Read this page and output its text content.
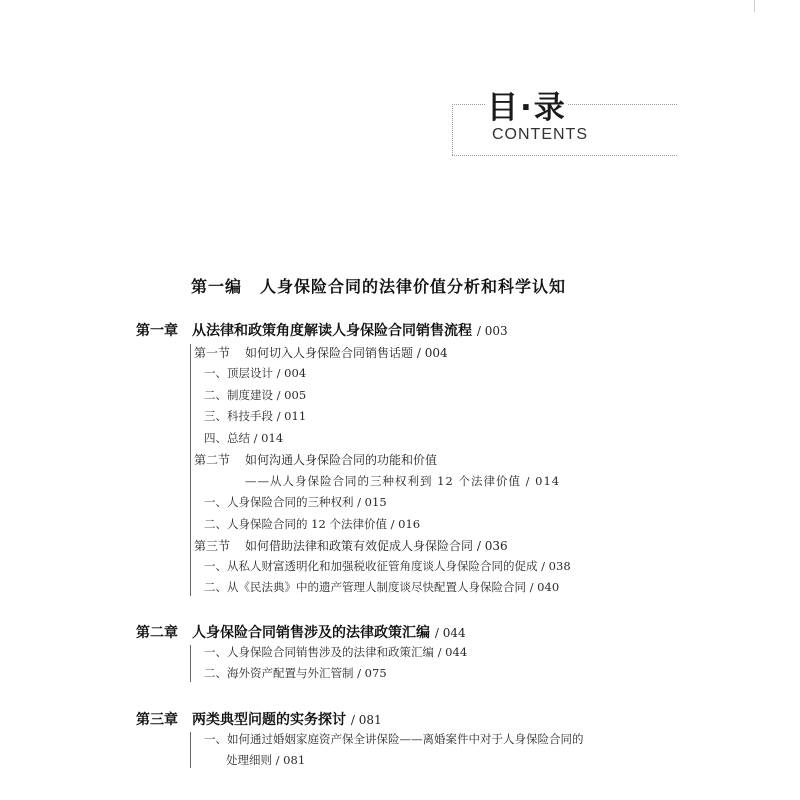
目·录
CONTENTS
第一编 人身保险合同的法律价值分析和科学认知
第一章 从法律和政策角度解读人身保险合同销售流程 / 003
第一节 如何切入人身保险合同销售话题 / 004
一、顶层设计 / 004
二、制度建设 / 005
三、科技手段 / 011
四、总结 / 014
第二节 如何沟通人身保险合同的功能和价值
——从人身保险合同的三种权利到 12 个法律价值 / 014
一、人身保险合同的三种权利 / 015
二、人身保险合同的 12 个法律价值 / 016
第三节 如何借助法律和政策有效促成人身保险合同 / 036
一、从私人财富透明化和加强税收征管角度谈人身保险合同的促成 / 038
二、从《民法典》中的遗产管理人制度谈尽快配置人身保险合同 / 040
第二章 人身保险合同销售涉及的法律政策汇编 / 044
一、人身保险合同销售涉及的法律和政策汇编 / 044
二、海外资产配置与外汇管制 / 075
第三章 两类典型问题的实务探讨 / 081
一、如何通过婚姻家庭资产保全讲保险——离婚案件中对于人身保险合同的
处理细则 / 081
